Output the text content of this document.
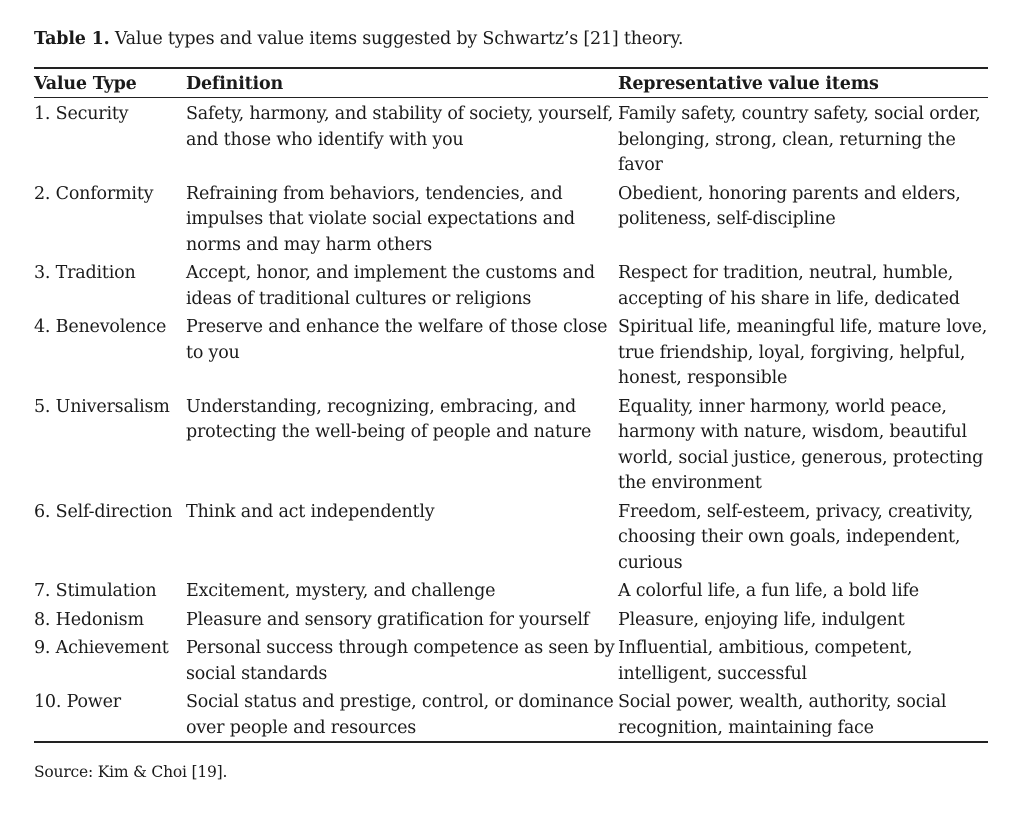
Table 1. Value types and value items suggested by Schwartz’s [21] theory.
Value Type	Definition	Representative value items
1. Security	Safety, harmony, and stability of society, yourself, and those who identify with you	Family safety, country safety, social order, belonging, strong, clean, returning the favor
2. Conformity	Refraining from behaviors, tendencies, and impulses that violate social expectations and norms and may harm others	Obedient, honoring parents and elders, politeness, self-discipline
3. Tradition	Accept, honor, and implement the customs and ideas of traditional cultures or religions	Respect for tradition, neutral, humble, accepting of his share in life, dedicated
4. Benevolence	Preserve and enhance the welfare of those close to you	Spiritual life, meaningful life, mature love, true friendship, loyal, forgiving, helpful, honest, responsible
5. Universalism	Understanding, recognizing, embracing, and protecting the well-being of people and nature	Equality, inner harmony, world peace, harmony with nature, wisdom, beautiful world, social justice, generous, protecting the environment
6. Self-direction	Think and act independently	Freedom, self-esteem, privacy, creativity, choosing their own goals, independent, curious
7. Stimulation	Excitement, mystery, and challenge	A colorful life, a fun life, a bold life
8. Hedonism	Pleasure and sensory gratification for yourself	Pleasure, enjoying life, indulgent
9. Achievement	Personal success through competence as seen by social standards	Influential, ambitious, competent, intelligent, successful
10. Power	Social status and prestige, control, or dominance over people and resources	Social power, wealth, authority, social recognition, maintaining face
Source: Kim & Choi [19].
